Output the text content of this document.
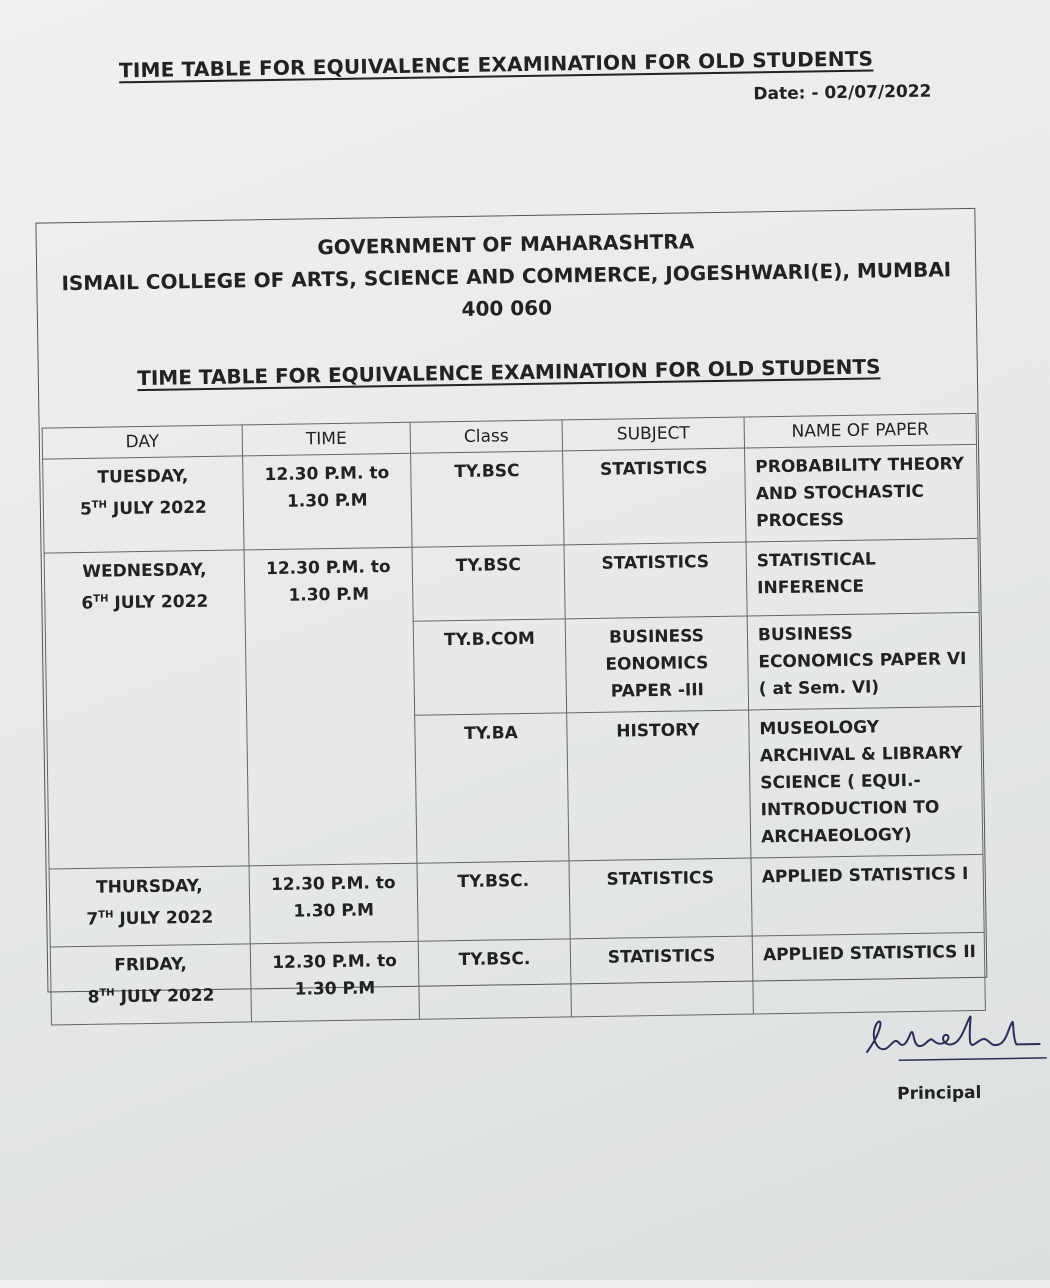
TIME TABLE FOR EQUIVALENCE EXAMINATION FOR OLD STUDENTS
Date: - 02/07/2022
GOVERNMENT OF MAHARASHTRA
ISMAIL COLLEGE OF ARTS, SCIENCE AND COMMERCE, JOGESHWARI(E), MUMBAI
400 060
TIME TABLE FOR EQUIVALENCE EXAMINATION FOR OLD STUDENTS
DAY	TIME	Class	SUBJECT	NAME OF PAPER

TUESDAY,
5TH JULY 2022	12.30 P.M. to 1.30 P.M	TY.BSC	STATISTICS	PROBABILITY THEORY AND STOCHASTIC PROCESS

WEDNESDAY,
6TH JULY 2022	12.30 P.M. to 1.30 P.M	TY.BSC	STATISTICS	STATISTICAL INFERENCE
		TY.B.COM	BUSINESS EONOMICS PAPER -III	BUSINESS ECONOMICS PAPER VI ( at Sem. VI)
		TY.BA	HISTORY	MUSEOLOGY ARCHIVAL & LIBRARY SCIENCE ( EQUI.- INTRODUCTION TO ARCHAEOLOGY)

THURSDAY,
7TH JULY 2022	12.30 P.M. to 1.30 P.M	TY.BSC.	STATISTICS	APPLIED STATISTICS I

FRIDAY,
8TH JULY 2022	12.30 P.M. to 1.30 P.M	TY.BSC.	STATISTICS	APPLIED STATISTICS II
Principal
